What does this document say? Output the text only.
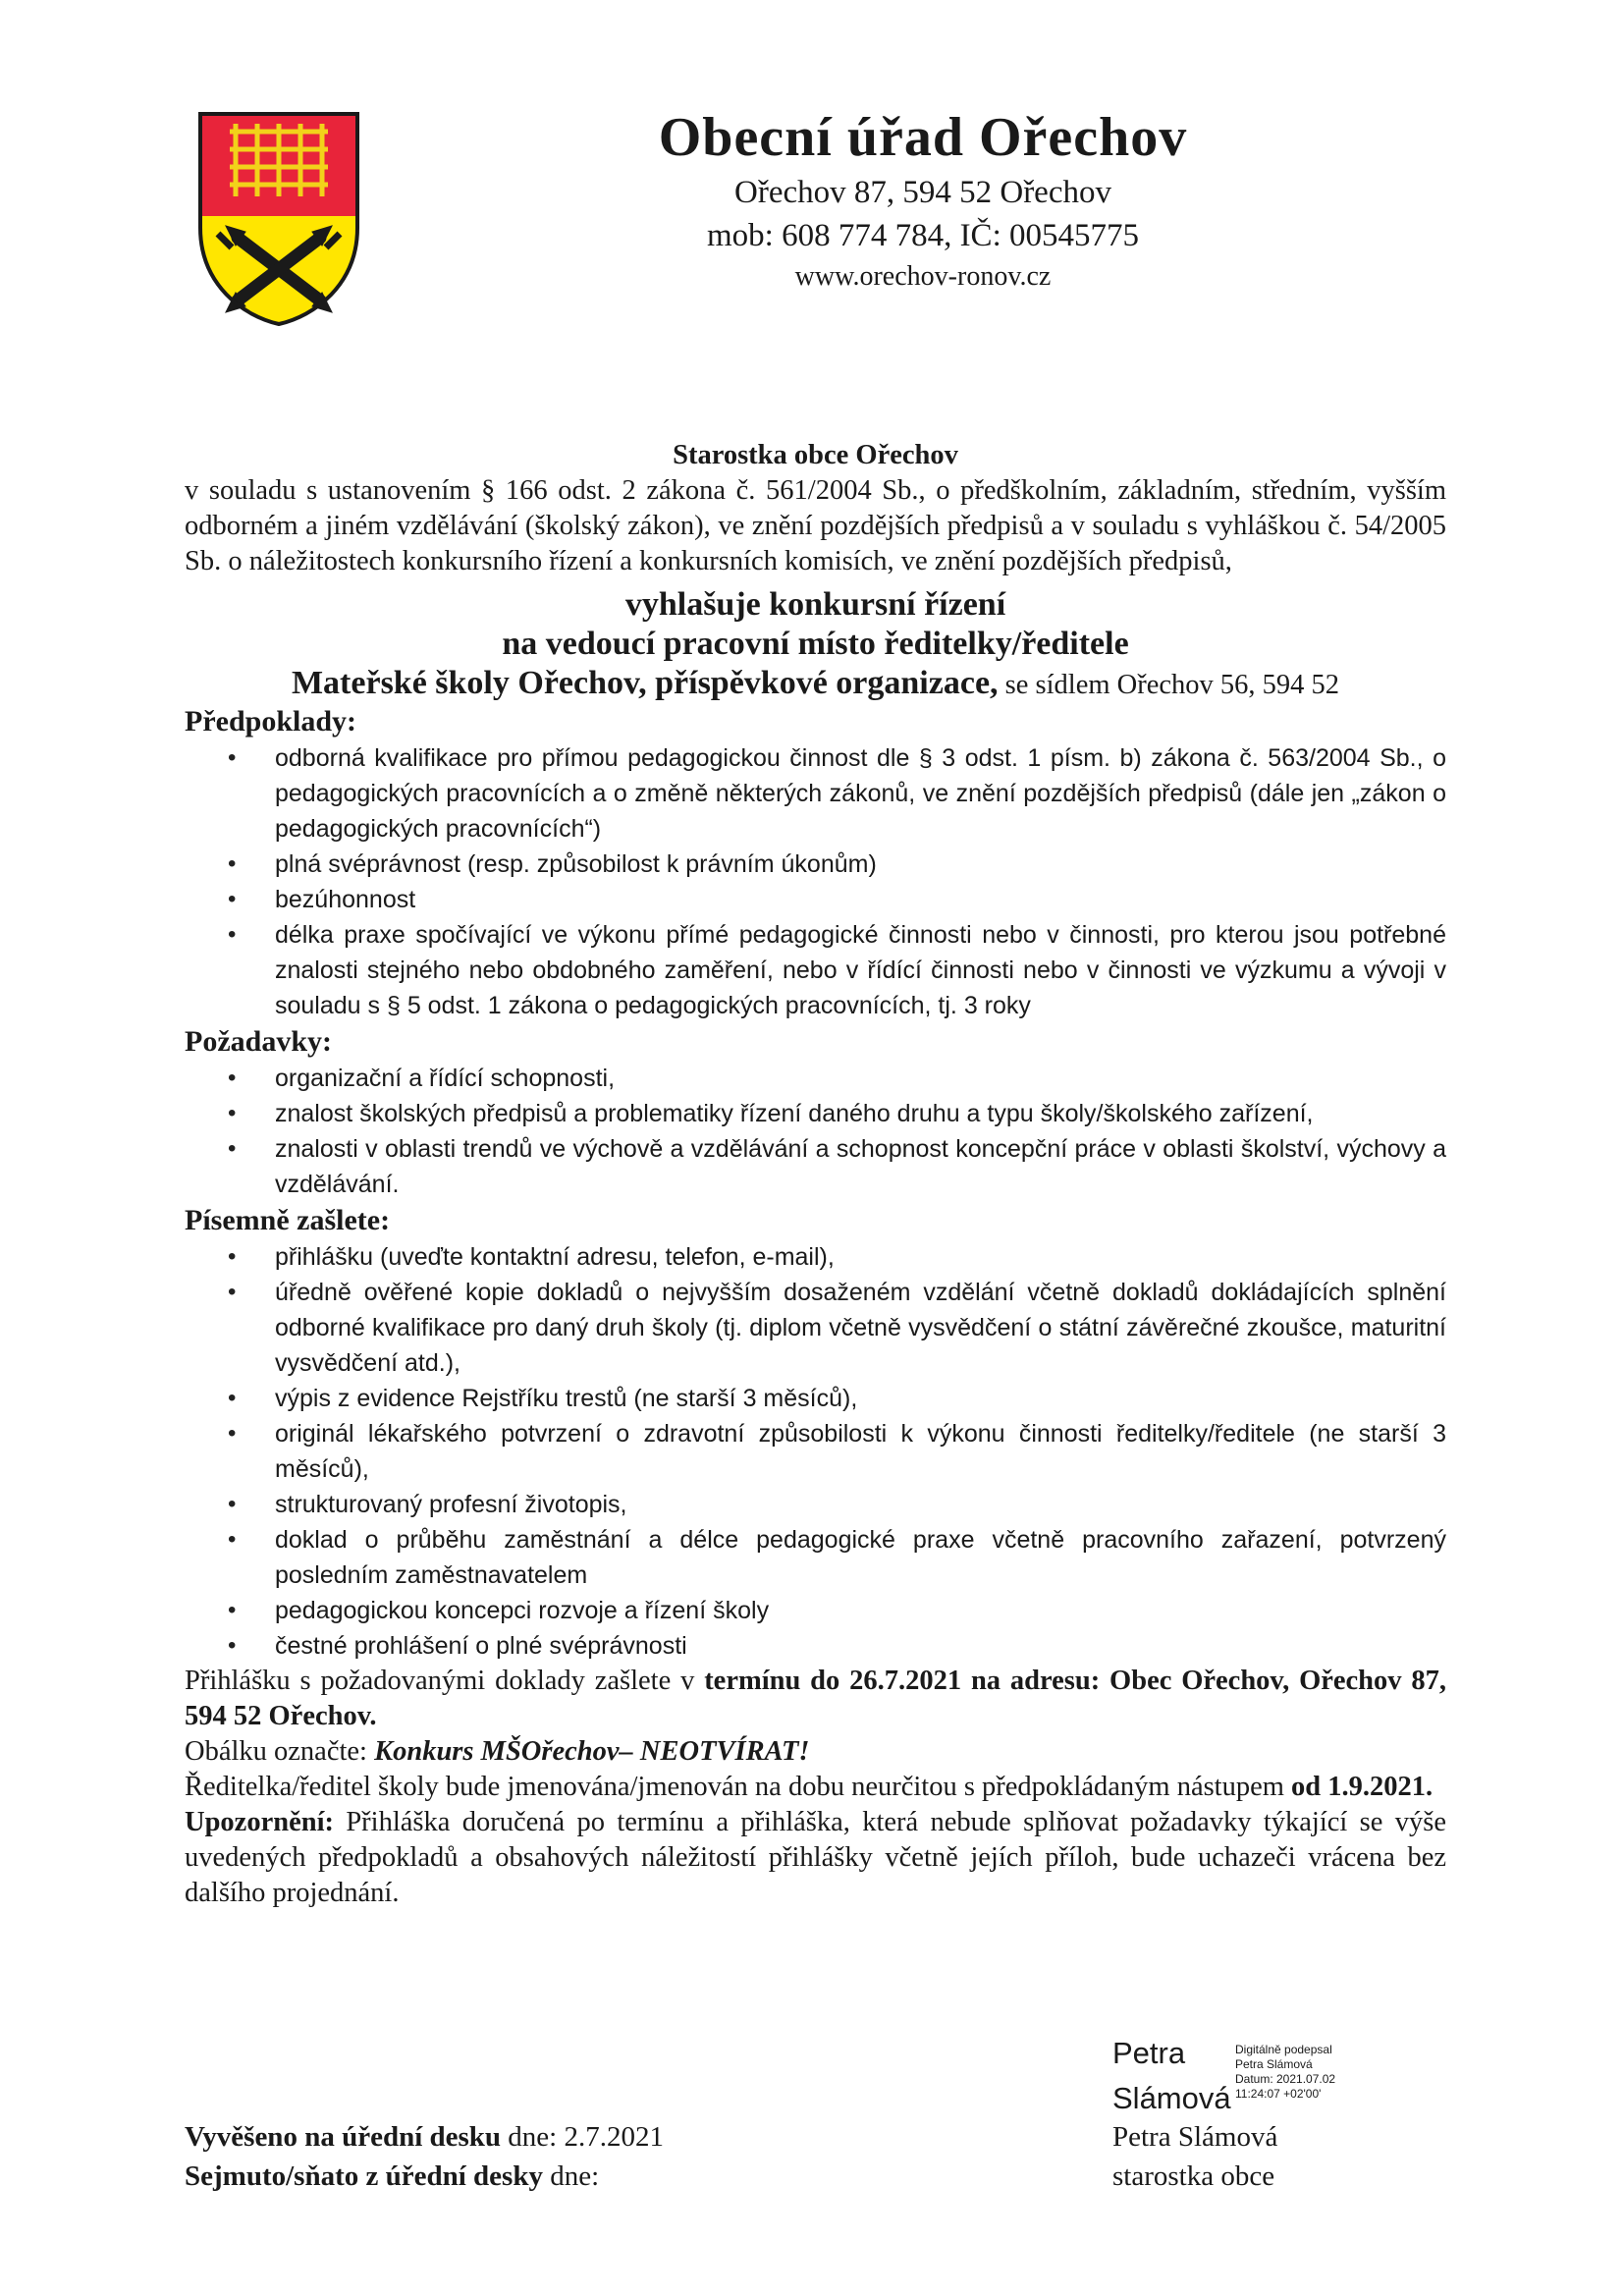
Obecní úřad Ořechov
Ořechov 87, 594 52 Ořechov
mob: 608 774 784, IČ: 00545775
www.orechov-ronov.cz
Starostka obce Ořechov
v souladu s ustanovením § 166 odst. 2 zákona č. 561/2004 Sb., o předškolním, základním, středním, vyšším odborném a jiném vzdělávání (školský zákon), ve znění pozdějších předpisů a v souladu s vyhláškou č. 54/2005 Sb. o náležitostech konkursního řízení a konkursních komisích, ve znění pozdějších předpisů,
vyhlašuje konkursní řízení
na vedoucí pracovní místo ředitelky/ředitele
Mateřské školy Ořechov, příspěvkové organizace, se sídlem Ořechov 56, 594 52
Předpoklady:
• odborná kvalifikace pro přímou pedagogickou činnost dle § 3 odst. 1 písm. b) zákona č. 563/2004 Sb., o pedagogických pracovnících a o změně některých zákonů, ve znění pozdějších předpisů (dále jen „zákon o pedagogických pracovnících“)
• plná svéprávnost (resp. způsobilost k právním úkonům)
• bezúhonnost
• délka praxe spočívající ve výkonu přímé pedagogické činnosti nebo v činnosti, pro kterou jsou potřebné znalosti stejného nebo obdobného zaměření, nebo v řídící činnosti nebo v činnosti ve výzkumu a vývoji v souladu s § 5 odst. 1 zákona o pedagogických pracovnících, tj. 3 roky
Požadavky:
• organizační a řídící schopnosti,
• znalost školských předpisů a problematiky řízení daného druhu a typu školy/školského zařízení,
• znalosti v oblasti trendů ve výchově a vzdělávání a schopnost koncepční práce v oblasti školství, výchovy a vzdělávání.
Písemně zašlete:
• přihlášku (uveďte kontaktní adresu, telefon, e-mail),
• úředně ověřené kopie dokladů o nejvyšším dosaženém vzdělání včetně dokladů dokládajících splnění odborné kvalifikace pro daný druh školy (tj. diplom včetně vysvědčení o státní závěrečné zkoušce, maturitní vysvědčení atd.),
• výpis z evidence Rejstříku trestů (ne starší 3 měsíců),
• originál lékařského potvrzení o zdravotní způsobilosti k výkonu činnosti ředitelky/ředitele (ne starší 3 měsíců),
• strukturovaný profesní životopis,
• doklad o průběhu zaměstnání a délce pedagogické praxe včetně pracovního zařazení, potvrzený posledním zaměstnavatelem
• pedagogickou koncepci rozvoje a řízení školy
• čestné prohlášení o plné svéprávnosti
Přihlášku s požadovanými doklady zašlete v termínu do 26.7.2021 na adresu: Obec Ořechov, Ořechov 87, 594 52 Ořechov.
Obálku označte: Konkurs MŠOřechov– NEOTVÍRAT!
Ředitelka/ředitel školy bude jmenována/jmenován na dobu neurčitou s předpokládaným nástupem od 1.9.2021.
Upozornění: Přihláška doručená po termínu a přihláška, která nebude splňovat požadavky týkající se výše uvedených předpokladů a obsahových náležitostí přihlášky včetně jejích příloh, bude uchazeči vrácena bez dalšího projednání.
Petra
Slámová
Digitálně podepsal
Petra Slámová
Datum: 2021.07.02
11:24:07 +02'00'
Vyvěšeno na úřední desku dne: 2.7.2021
Sejmuto/sňato z úřední desky dne:
Petra Slámová
starostka obce
